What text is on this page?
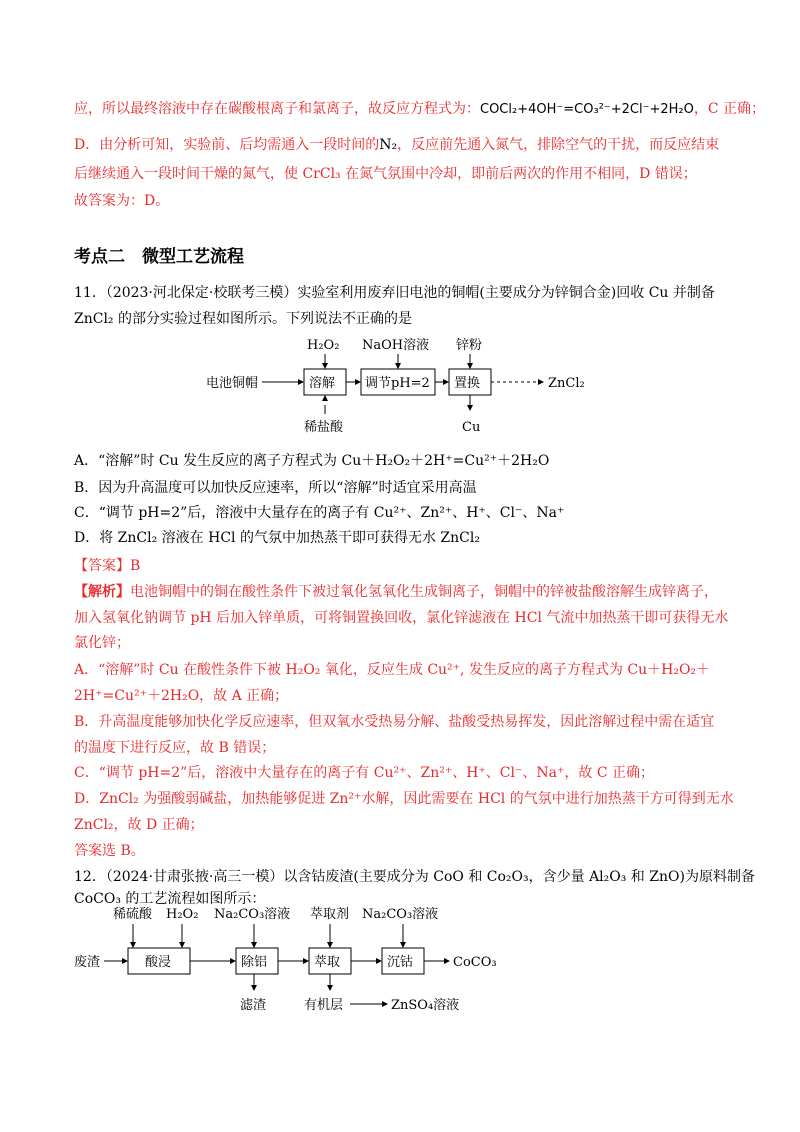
应，所以最终溶液中存在碳酸根离子和氯离子，故反应方程式为：COCl₂+4OH⁻=CO₃²⁻+2Cl⁻+2H₂O，C 正确；
D．由分析可知，实验前、后均需通入一段时间的N₂，反应前先通入氮气，排除空气的干扰，而反应结束
后继续通入一段时间干燥的氮气，使 CrCl₃ 在氮气氛围中冷却，即前后两次的作用不相同，D 错误；
故答案为：D。
考点二　微型工艺流程
11．（2023·河北保定·校联考三模）实验室利用废弃旧电池的铜帽(主要成分为锌铜合金)回收 Cu 并制备
ZnCl₂ 的部分实验过程如图所示。下列说法不正确的是
电池铜帽	溶解 调节pH=2 置换	ZnCl₂
H₂O₂ NaOH溶液 锌粉
稀盐酸	Cu
废渣	酸浸	除铝	萃取	沉钴	CoCO₃
稀硫酸 H₂O₂ Na₂CO₃溶液 萃取剂 Na₂CO₃溶液
滤渣	有机层	ZnSO₄溶液
A．“溶解”时 Cu 发生反应的离子方程式为 Cu＋H₂O₂＋2H⁺=Cu²⁺＋2H₂O
B．因为升高温度可以加快反应速率，所以“溶解”时适宜采用高温
C．“调节 pH=2”后，溶液中大量存在的离子有 Cu²⁺、Zn²⁺、H⁺、Cl⁻、Na⁺
D．将 ZnCl₂ 溶液在 HCl 的气氛中加热蒸干即可获得无水 ZnCl₂
【答案】B
【解析】电池铜帽中的铜在酸性条件下被过氧化氢氧化生成铜离子，铜帽中的锌被盐酸溶解生成锌离子，
加入氢氧化钠调节 pH 后加入锌单质，可将铜置换回收，氯化锌滤液在 HCl 气流中加热蒸干即可获得无水
氯化锌；
A．“溶解”时 Cu 在酸性条件下被 H₂O₂ 氧化，反应生成 Cu²⁺, 发生反应的离子方程式为 Cu＋H₂O₂＋
2H⁺=Cu²⁺＋2H₂O，故 A 正确；
B．升高温度能够加快化学反应速率，但双氧水受热易分解、盐酸受热易挥发，因此溶解过程中需在适宜
的温度下进行反应，故 B 错误；
C．“调节 pH=2”后，溶液中大量存在的离子有 Cu²⁺、Zn²⁺、H⁺、Cl⁻、Na⁺，故 C 正确；
D．ZnCl₂ 为强酸弱碱盐，加热能够促进 Zn²⁺水解，因此需要在 HCl 的气氛中进行加热蒸干方可得到无水
ZnCl₂，故 D 正确；
答案选 B。
12．（2024·甘肃张掖·高三一模）以含钴废渣(主要成分为 CoO 和 Co₂O₃，含少量 Al₂O₃ 和 ZnO)为原料制备
CoCO₃ 的工艺流程如图所示：
